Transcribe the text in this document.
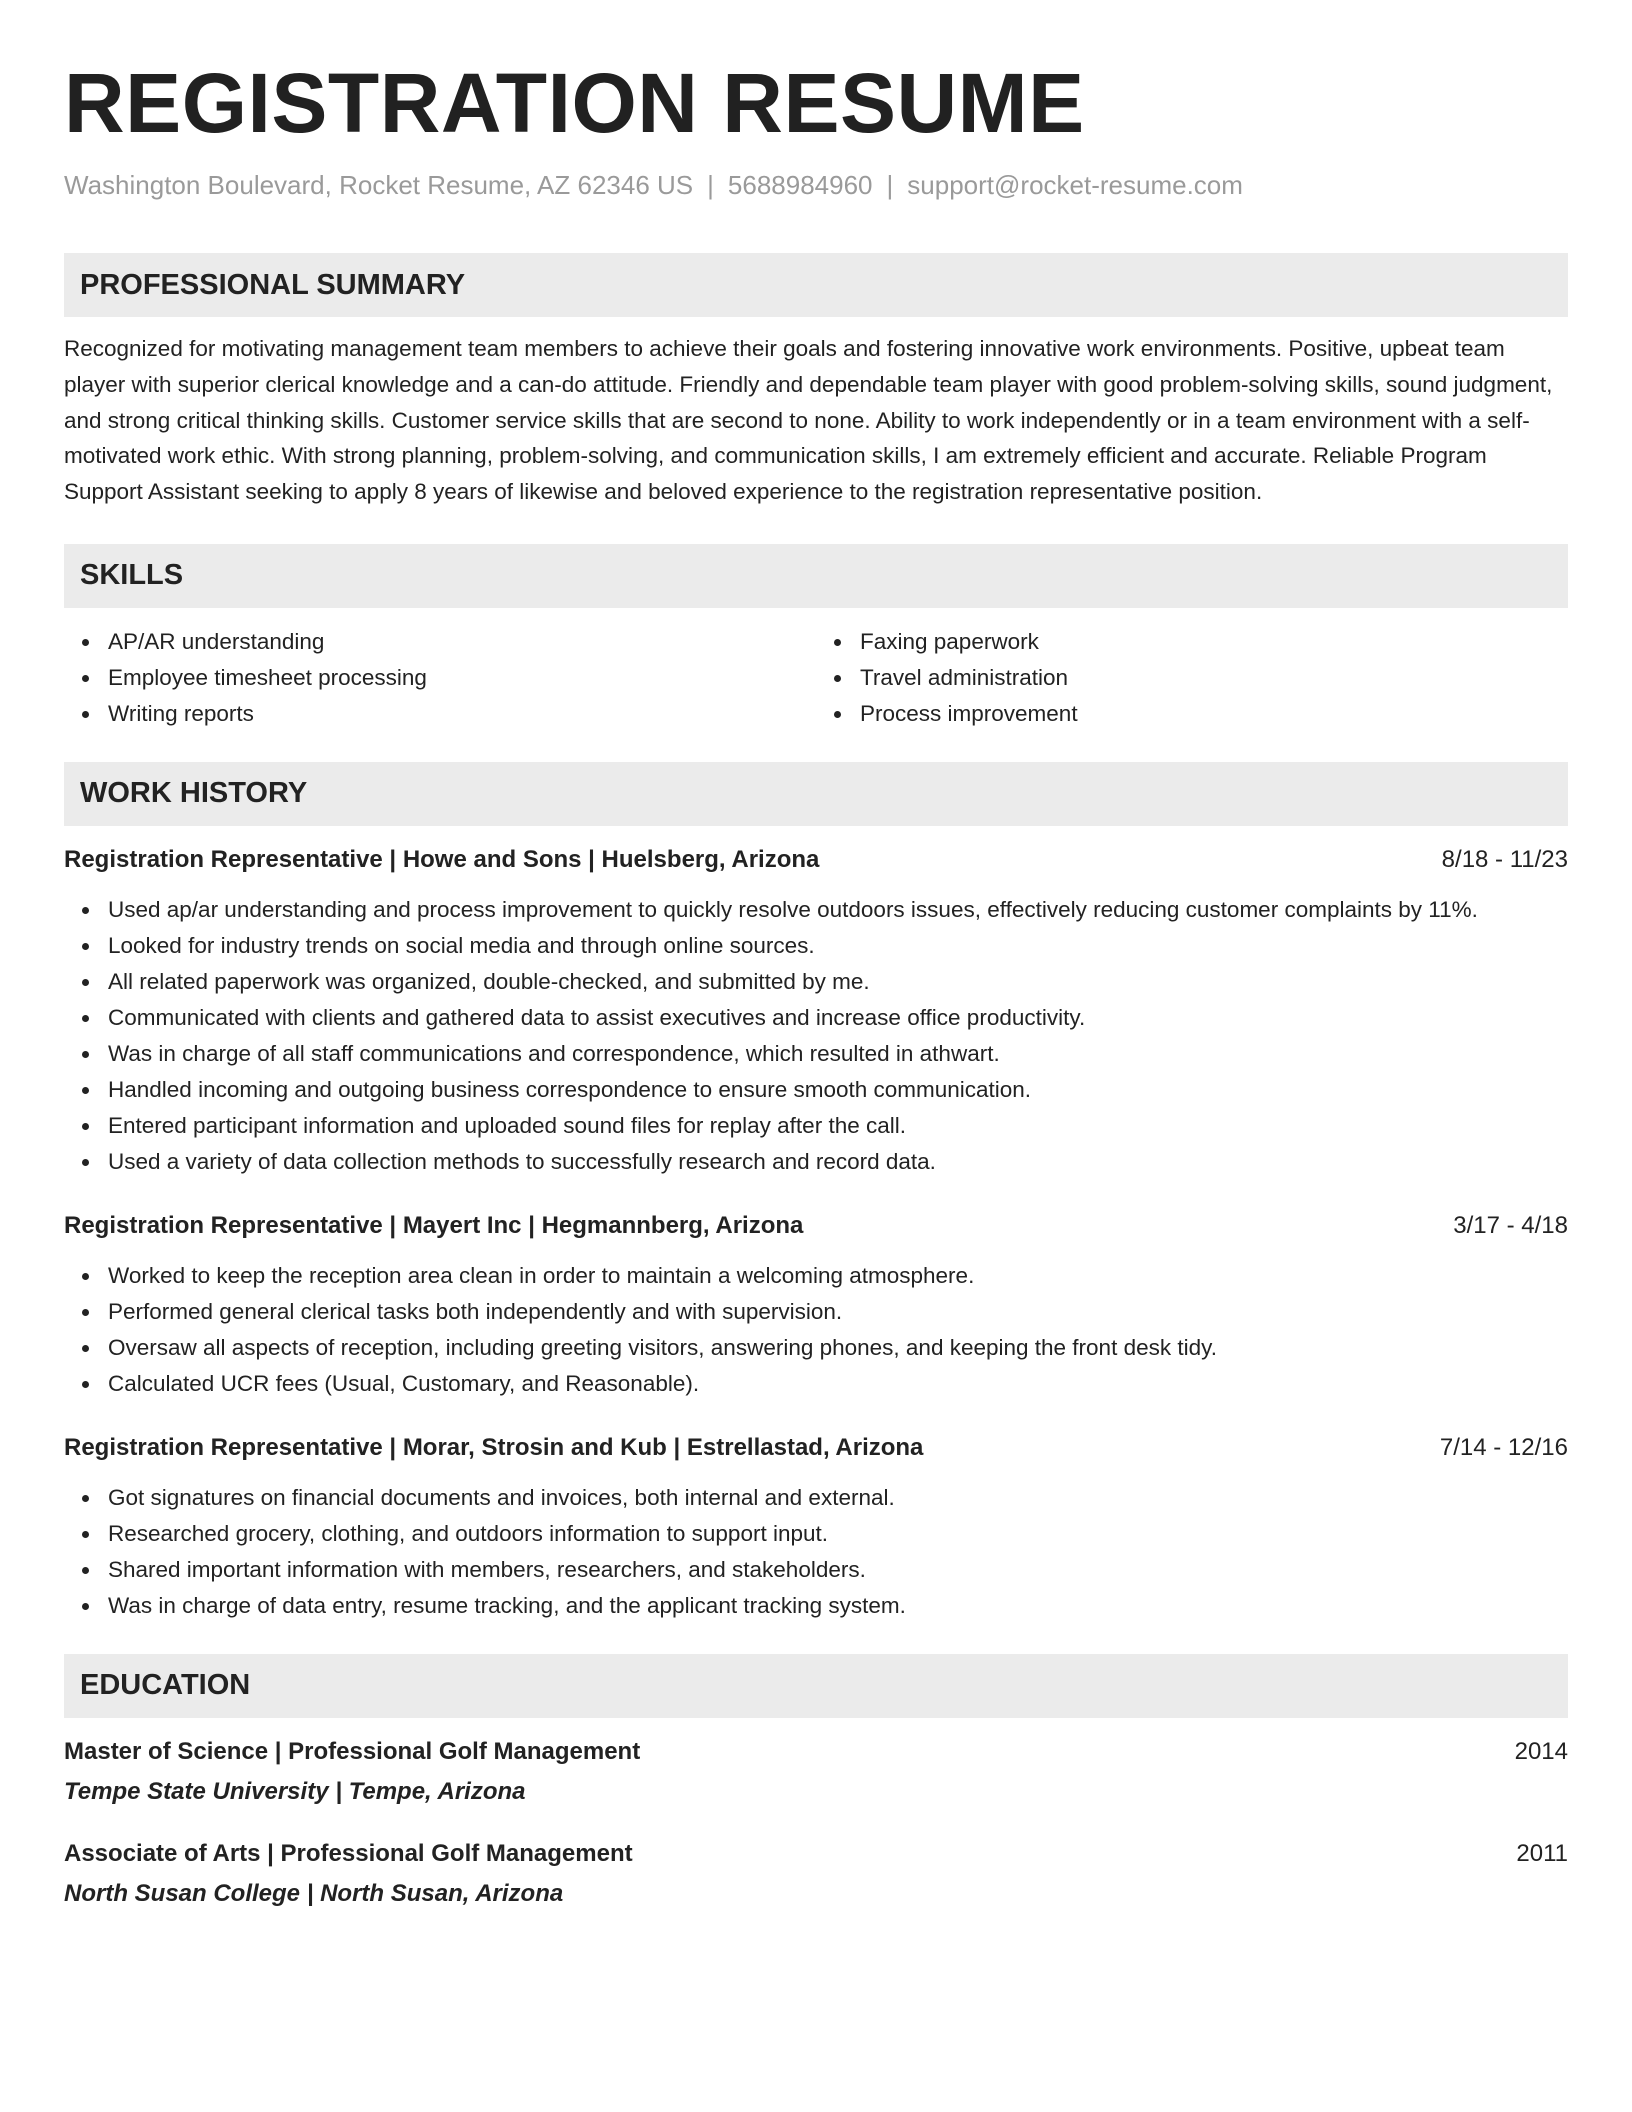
REGISTRATION RESUME
Washington Boulevard, Rocket Resume, AZ 62346 US | 5688984960 | support@rocket-resume.com
PROFESSIONAL SUMMARY
Recognized for motivating management team members to achieve their goals and fostering innovative work environments. Positive, upbeat team player with superior clerical knowledge and a can-do attitude. Friendly and dependable team player with good problem-solving skills, sound judgment, and strong critical thinking skills. Customer service skills that are second to none. Ability to work independently or in a team environment with a self-motivated work ethic. With strong planning, problem-solving, and communication skills, I am extremely efficient and accurate. Reliable Program Support Assistant seeking to apply 8 years of likewise and beloved experience to the registration representative position.
SKILLS
AP/AR understanding
Employee timesheet processing
Writing reports
Faxing paperwork
Travel administration
Process improvement
WORK HISTORY
Registration Representative | Howe and Sons | Huelsberg, Arizona	8/18 - 11/23
Used ap/ar understanding and process improvement to quickly resolve outdoors issues, effectively reducing customer complaints by 11%.
Looked for industry trends on social media and through online sources.
All related paperwork was organized, double-checked, and submitted by me.
Communicated with clients and gathered data to assist executives and increase office productivity.
Was in charge of all staff communications and correspondence, which resulted in athwart.
Handled incoming and outgoing business correspondence to ensure smooth communication.
Entered participant information and uploaded sound files for replay after the call.
Used a variety of data collection methods to successfully research and record data.
Registration Representative | Mayert Inc | Hegmannberg, Arizona	3/17 - 4/18
Worked to keep the reception area clean in order to maintain a welcoming atmosphere.
Performed general clerical tasks both independently and with supervision.
Oversaw all aspects of reception, including greeting visitors, answering phones, and keeping the front desk tidy.
Calculated UCR fees (Usual, Customary, and Reasonable).
Registration Representative | Morar, Strosin and Kub | Estrellastad, Arizona	7/14 - 12/16
Got signatures on financial documents and invoices, both internal and external.
Researched grocery, clothing, and outdoors information to support input.
Shared important information with members, researchers, and stakeholders.
Was in charge of data entry, resume tracking, and the applicant tracking system.
EDUCATION
Master of Science | Professional Golf Management	2014
Tempe State University | Tempe, Arizona
Associate of Arts | Professional Golf Management	2011
North Susan College | North Susan, Arizona
